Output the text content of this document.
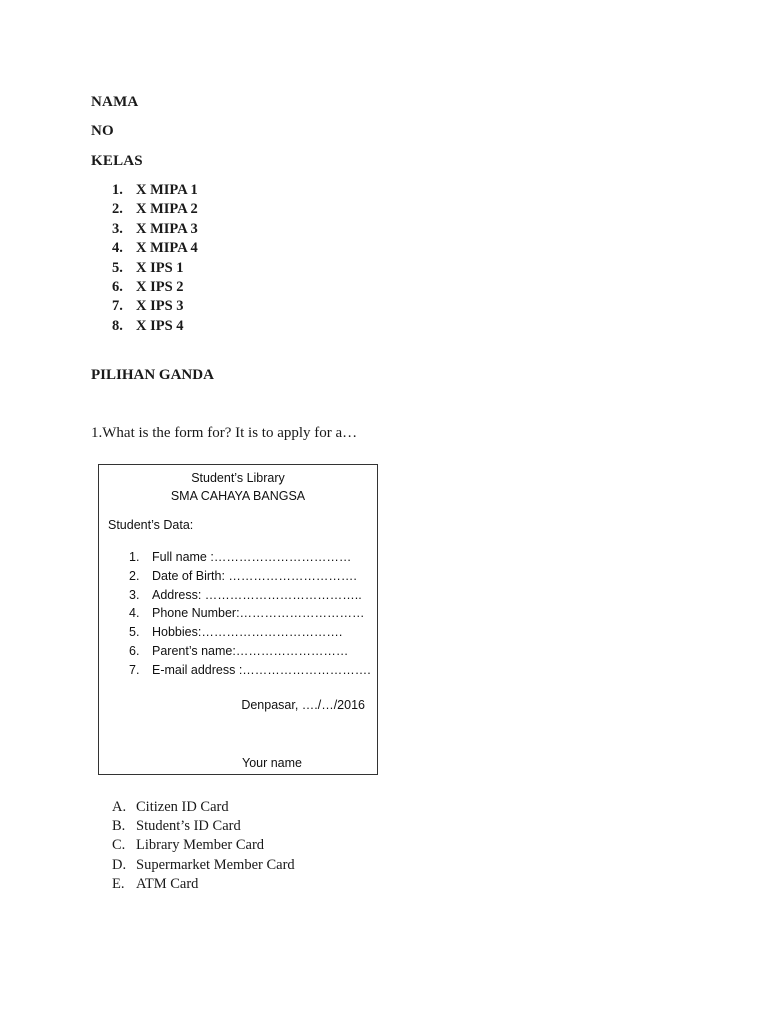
NAMA
NO
KELAS
1. X MIPA 1
2. X MIPA 2
3. X MIPA 3
4. X MIPA 4
5. X IPS 1
6. X IPS 2
7. X IPS 3
8. X IPS 4
PILIHAN GANDA
1.What is the form for? It is to apply for a…
Student’s Library
SMA CAHAYA BANGSA
Student’s Data:
1. Full name :……………………………
2. Date of Birth: ………………………….
3. Address: ………………………………..
4. Phone Number:…………………………
5. Hobbies:…………………………….
6. Parent’s name:………………………
7. E-mail address :………………………….
Denpasar, …./…/2016
Your name
A. Citizen ID Card
B. Student’s ID Card
C. Library Member Card
D. Supermarket Member Card
E. ATM Card
